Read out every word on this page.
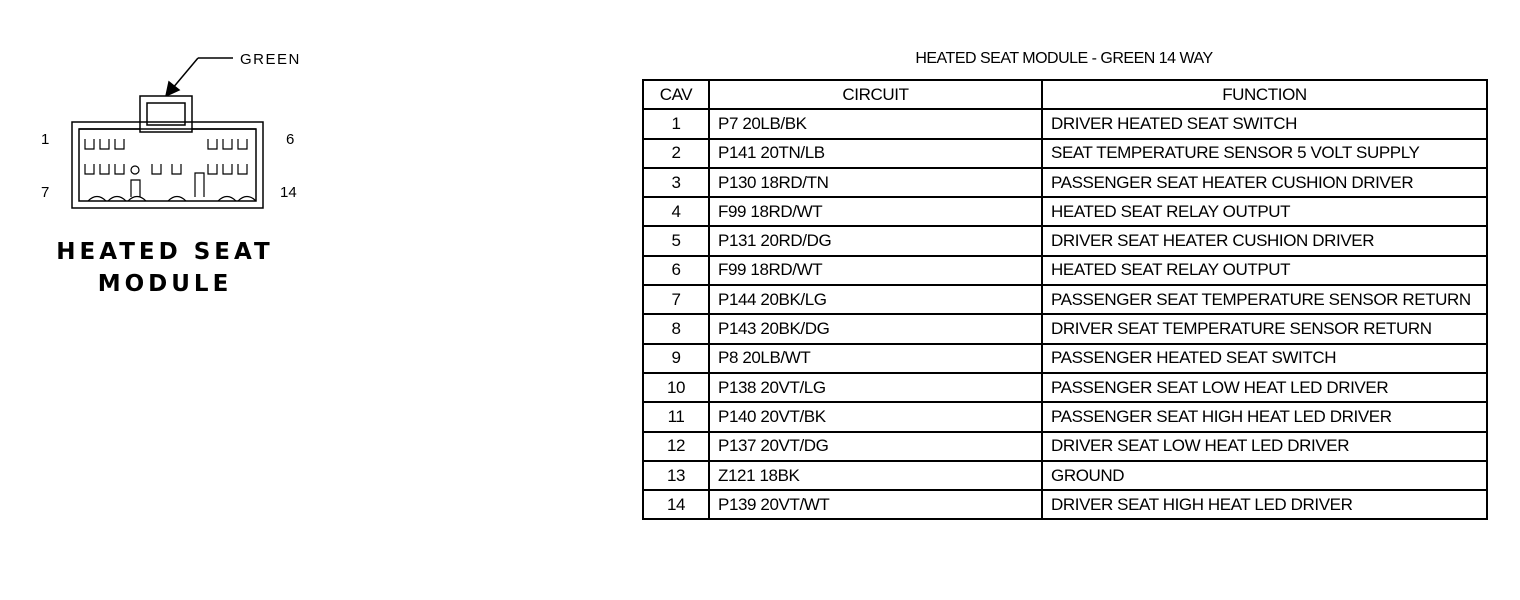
GREEN
1	6
7	14
HEATED SEAT
MODULE
HEATED SEAT MODULE - GREEN 14 WAY
CAV	CIRCUIT	FUNCTION
1	P7 20LB/BK	DRIVER HEATED SEAT SWITCH
2	P141 20TN/LB	SEAT TEMPERATURE SENSOR 5 VOLT SUPPLY
3	P130 18RD/TN	PASSENGER SEAT HEATER CUSHION DRIVER
4	F99 18RD/WT	HEATED SEAT RELAY OUTPUT
5	P131 20RD/DG	DRIVER SEAT HEATER CUSHION DRIVER
6	F99 18RD/WT	HEATED SEAT RELAY OUTPUT
7	P144 20BK/LG	PASSENGER SEAT TEMPERATURE SENSOR RETURN
8	P143 20BK/DG	DRIVER SEAT TEMPERATURE SENSOR RETURN
9	P8 20LB/WT	PASSENGER HEATED SEAT SWITCH
10	P138 20VT/LG	PASSENGER SEAT LOW HEAT LED DRIVER
11	P140 20VT/BK	PASSENGER SEAT HIGH HEAT LED DRIVER
12	P137 20VT/DG	DRIVER SEAT LOW HEAT LED DRIVER
13	Z121 18BK	GROUND
14	P139 20VT/WT	DRIVER SEAT HIGH HEAT LED DRIVER
